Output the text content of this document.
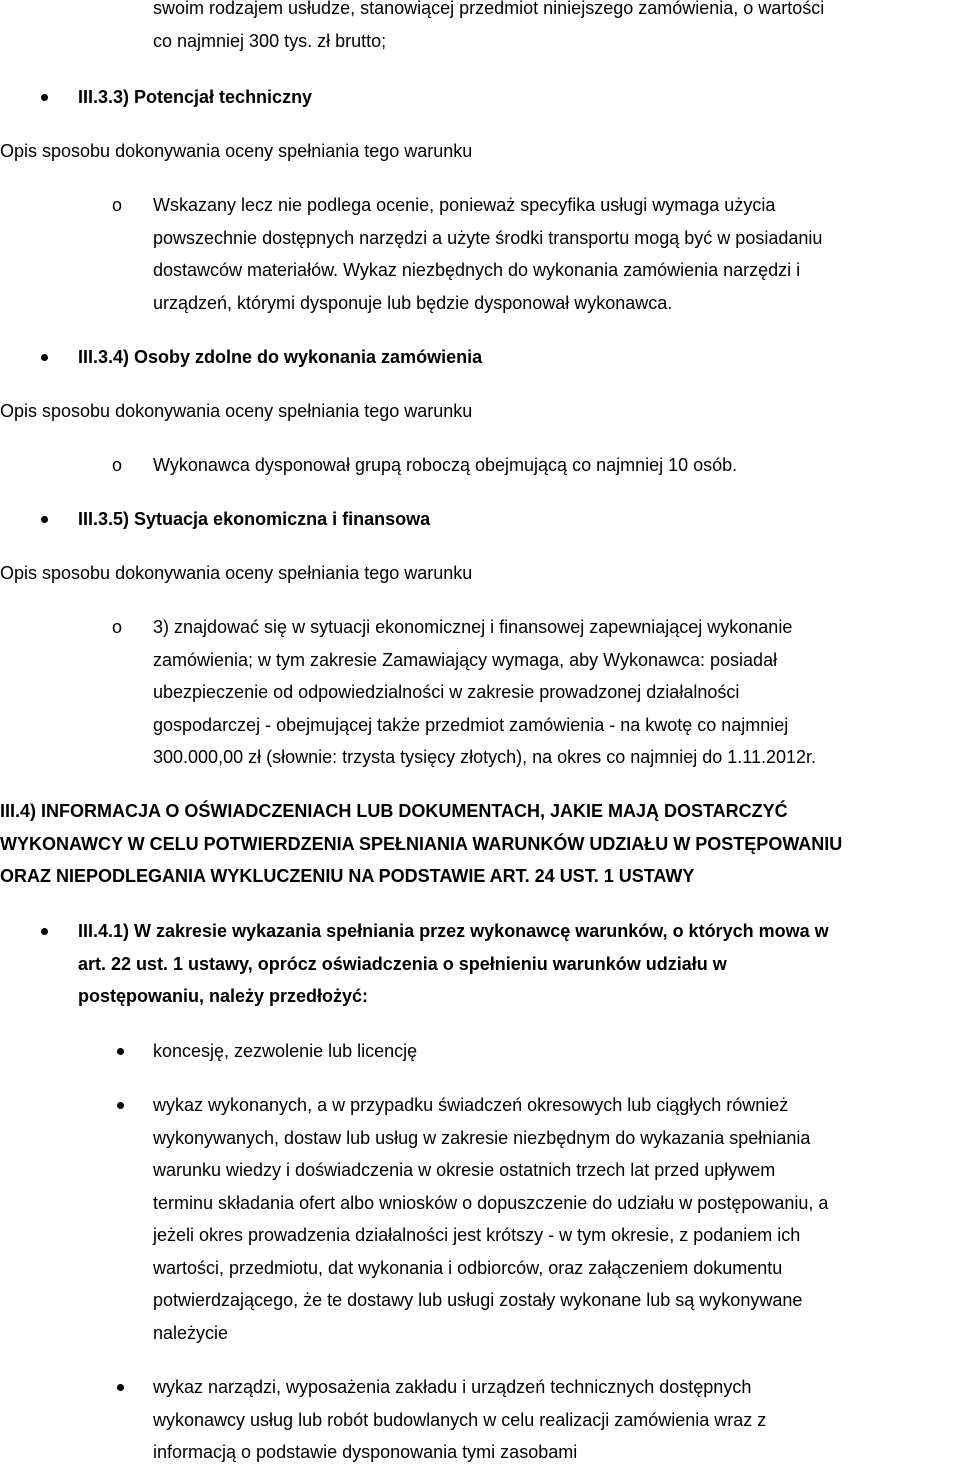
swoim rodzajem usłudze, stanowiącej przedmiot niniejszego zamówienia, o wartości
co najmniej 300 tys. zł brutto;
III.3.3) Potencjał techniczny
Opis sposobu dokonywania oceny spełniania tego warunku
o Wskazany lecz nie podlega ocenie, ponieważ specyfika usługi wymaga użycia
powszechnie dostępnych narzędzi a użyte środki transportu mogą być w posiadaniu
dostawców materiałów. Wykaz niezbędnych do wykonania zamówienia narzędzi i
urządzeń, którymi dysponuje lub będzie dysponował wykonawca.
III.3.4) Osoby zdolne do wykonania zamówienia
Opis sposobu dokonywania oceny spełniania tego warunku
o Wykonawca dysponował grupą roboczą obejmującą co najmniej 10 osób.
III.3.5) Sytuacja ekonomiczna i finansowa
Opis sposobu dokonywania oceny spełniania tego warunku
o 3) znajdować się w sytuacji ekonomicznej i finansowej zapewniającej wykonanie
zamówienia; w tym zakresie Zamawiający wymaga, aby Wykonawca: posiadał
ubezpieczenie od odpowiedzialności w zakresie prowadzonej działalności
gospodarczej - obejmującej także przedmiot zamówienia - na kwotę co najmniej
300.000,00 zł (słownie: trzysta tysięcy złotych), na okres co najmniej do 1.11.2012r.
III.4) INFORMACJA O OŚWIADCZENIACH LUB DOKUMENTACH, JAKIE MAJĄ DOSTARCZYĆ
WYKONAWCY W CELU POTWIERDZENIA SPEŁNIANIA WARUNKÓW UDZIAŁU W POSTĘPOWANIU
ORAZ NIEPODLEGANIA WYKLUCZENIU NA PODSTAWIE ART. 24 UST. 1 USTAWY
III.4.1) W zakresie wykazania spełniania przez wykonawcę warunków, o których mowa w
art. 22 ust. 1 ustawy, oprócz oświadczenia o spełnieniu warunków udziału w
postępowaniu, należy przedłożyć:
koncesję, zezwolenie lub licencję
wykaz wykonanych, a w przypadku świadczeń okresowych lub ciągłych również
wykonywanych, dostaw lub usług w zakresie niezbędnym do wykazania spełniania
warunku wiedzy i doświadczenia w okresie ostatnich trzech lat przed upływem
terminu składania ofert albo wniosków o dopuszczenie do udziału w postępowaniu, a
jeżeli okres prowadzenia działalności jest krótszy - w tym okresie, z podaniem ich
wartości, przedmiotu, dat wykonania i odbiorców, oraz załączeniem dokumentu
potwierdzającego, że te dostawy lub usługi zostały wykonane lub są wykonywane
należycie
wykaz narządzi, wyposażenia zakładu i urządzeń technicznych dostępnych
wykonawcy usług lub robót budowlanych w celu realizacji zamówienia wraz z
informacją o podstawie dysponowania tymi zasobami
